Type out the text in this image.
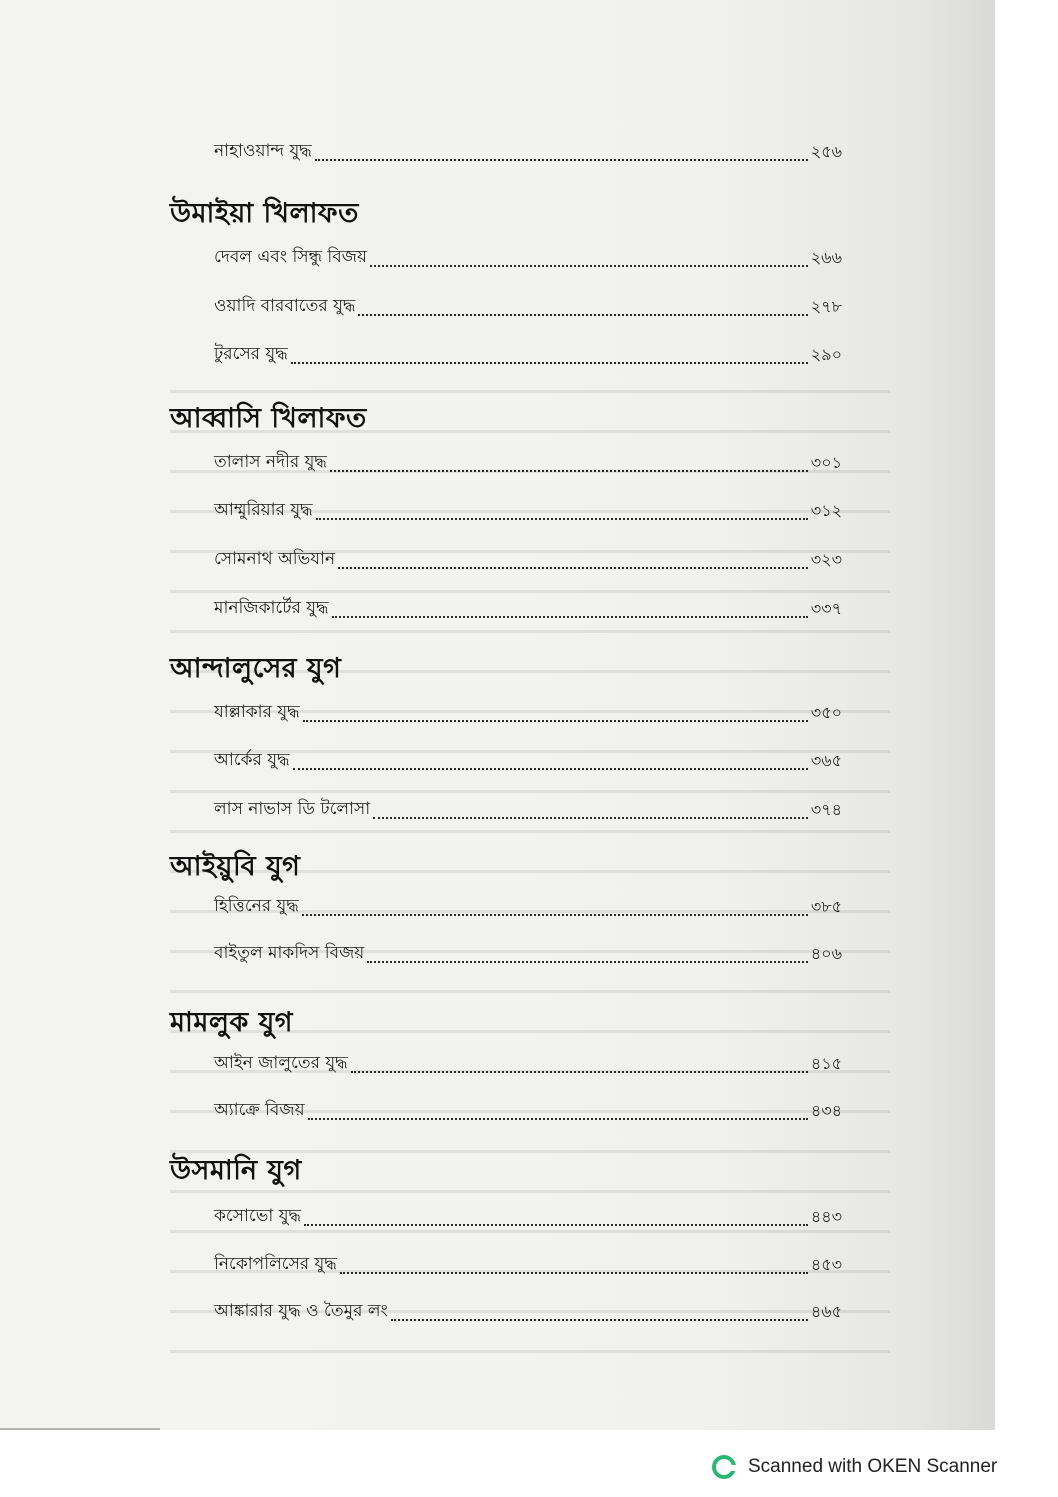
নাহাওয়ান্দ যুদ্ধ	২৫৬
উমাইয়া খিলাফত
দেবল এবং সিন্ধু বিজয়	২৬৬
ওয়াদি বারবাতের যুদ্ধ	২৭৮
টুরসের যুদ্ধ	২৯০
আব্বাসি খিলাফত
তালাস নদীর যুদ্ধ	৩০১
আম্মুরিয়ার যুদ্ধ	৩১২
সোমনাথ অভিযান	৩২৩
মানজিকার্টের যুদ্ধ	৩৩৭
আন্দালুসের যুগ
যাল্লাকার যুদ্ধ	৩৫০
আর্কের যুদ্ধ	৩৬৫
লাস নাভাস ডি টলোসা	৩৭৪
আইয়ুবি যুগ
হিত্তিনের যুদ্ধ	৩৮৫
বাইতুল মাকদিস বিজয়	৪০৬
মামলুক যুগ
আইন জালুতের যুদ্ধ	৪১৫
অ্যাক্রে বিজয়	৪৩৪
উসমানি যুগ
কসোভো যুদ্ধ	৪৪৩
নিকোপলিসের যুদ্ধ	৪৫৩
আঙ্কারার যুদ্ধ ও তৈমুর লং	৪৬৫
Scanned with OKEN Scanner
